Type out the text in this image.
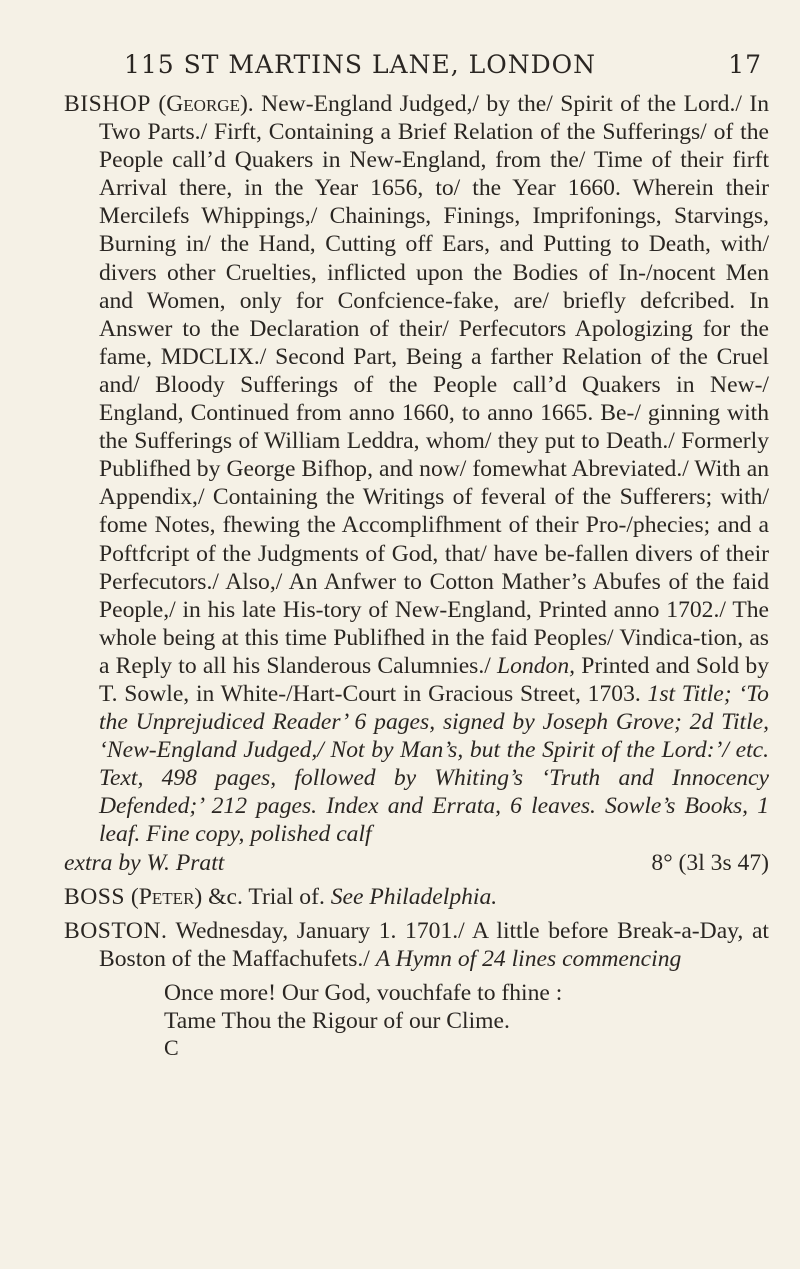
115 ST MARTINS LANE, LONDON	17

BISHOP (George). New-England Judged,/ by the/ Spirit of the Lord./ In Two Parts./ Firft, Containing a Brief Relation of the Sufferings/ of the People call’d Quakers in New-England, from the/ Time of their firft Arrival there, in the Year 1656, to/ the Year 1660. Wherein their Mercilefs Whippings,/ Chainings, Finings, Imprifonings, Starvings, Burning in/ the Hand, Cutting off Ears, and Putting to Death, with/ divers other Cruelties, inflicted upon the Bodies of In-/nocent Men and Women, only for Confcience-fake, are/ briefly defcribed. In Answer to the Declaration of their/ Perfecutors Apologizing for the fame, MDCLIX./ Second Part, Being a farther Relation of the Cruel and/ Bloody Sufferings of the People call’d Quakers in New-/ England, Continued from anno 1660, to anno 1665. Be-/ ginning with the Sufferings of William Leddra, whom/ they put to Death./ Formerly Publifhed by George Bifhop, and now/ fomewhat Abreviated./ With an Appendix,/ Containing the Writings of feveral of the Sufferers; with/ fome Notes, fhewing the Accomplifhment of their Pro-/phecies; and a Poftfcript of the Judgments of God, that/ have be-fallen divers of their Perfecutors./ Also,/ An Anfwer to Cotton Mather’s Abufes of the faid People,/ in his late His-tory of New-England, Printed anno 1702./ The whole being at this time Publifhed in the faid Peoples/ Vindica-tion, as a Reply to all his Slanderous Calumnies./ London, Printed and Sold by T. Sowle, in White-/Hart-Court in Gracious Street, 1703. 1st Title; ‘To the Unprejudiced Reader’ 6 pages, signed by Joseph Grove; 2d Title, ‘New-England Judged,/ Not by Man’s, but the Spirit of the Lord:’/ etc. Text, 498 pages, followed by Whiting’s ‘Truth and Innocency Defended;’ 212 pages. Index and Errata, 6 leaves. Sowle’s Books, 1 leaf. Fine copy, polished calf
extra by W. Pratt	8° (3l 3s 47)

BOSS (Peter) &c. Trial of. See Philadelphia.

BOSTON. Wednesday, January 1. 1701./ A little before Break-a-Day, at Boston of the Maffachufets./ A Hymn of 24 lines commencing

Once more! Our God, vouchfafe to fhine :

Tame Thou the Rigour of our Clime.

C
